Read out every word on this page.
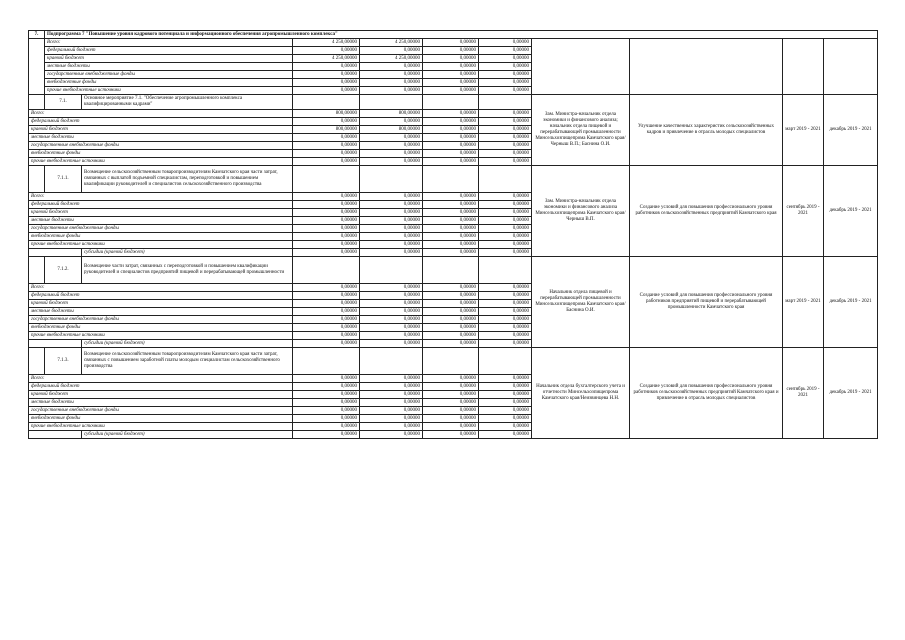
7.	Подпрограмма 7 "Повышение уровня кадрового потенциала и информационного обеспечения агропромышленного комплекса"									
	Всего:		4 250,00000	4 250,00000	0,00000	0,00000				
	федеральный бюджет		0,00000	0,00000	0,00000	0,00000				
	краевой бюджет		4 250,00000	4 250,00000	0,00000	0,00000				
	местные бюджеты		0,00000	0,00000	0,00000	0,00000				
	государственные внебюджетные фонды		0,00000	0,00000	0,00000	0,00000				
	внебюджетные фонды		0,00000	0,00000	0,00000	0,00000				
	прочие внебюджетные источники		0,00000	0,00000	0,00000	0,00000				
	7.1.	Основное мероприятие 7.1. "Обеспечение агропромышленного комплекса квалифицированными кадрами"					Зам. Министра-начальник отдела экономики и финансового анализа; начальник отдела пищевой и перерабатывающей промышленности Минсельхозпищепрома Камчатского края/ Черныш В.П.; Баснина О.И.	Улучшение качественных характеристик сельскохозяйственных кадров и привлечение в отрасль молодых специалистов	март 2019 - 2021	декабрь 2019 - 2021
Всего:			800,00000	800,00000	0,00000	0,00000				
федеральный бюджет			0,00000	0,00000	0,00000	0,00000				
краевой бюджет			800,00000	800,00000	0,00000	0,00000				
местные бюджеты			0,00000	0,00000	0,00000	0,00000				
государственные внебюджетные фонды			0,00000	0,00000	0,00000	0,00000				
внебюджетные фонды			0,00000	0,00000	0,00000	0,00000				
прочие внебюджетные источники			0,00000	0,00000	0,00000	0,00000				
	7.1.1.	Возмещение сельскохозяйственным товаропроизводителям Камчатского края части затрат, связанных с выплатой подъемной специалистам, переподготовкой и повышением квалификации руководителей и специалистов сельскохозяйственного производства					Зам. Министра-начальник отдела экономики и финансового анализа Минсельхозпищепрома Камчатского края/Черныш В.П.	Создание условий для повышения профессионального уровня работников сельскохозяйственных предприятий Камчатского края	сентябрь 2019 - 2021	декабрь 2019 - 2021
Всего:			0,00000	0,00000	0,00000	0,00000				
федеральный бюджет			0,00000	0,00000	0,00000	0,00000				
краевой бюджет			0,00000	0,00000	0,00000	0,00000				
местные бюджеты			0,00000	0,00000	0,00000	0,00000				
государственные внебюджетные фонды			0,00000	0,00000	0,00000	0,00000				
внебюджетные фонды			0,00000	0,00000	0,00000	0,00000				
прочие внебюджетные источники			0,00000	0,00000	0,00000	0,00000				
		субсидии (краевой бюджет)	0,00000	0,00000	0,00000	0,00000				
	7.1.2.	Возмещение части затрат, связанных с переподготовкой и повышением квалификации руководителей и специалистов предприятий пищевой и перерабатывающей промышленности					Начальник отдела пищевой и перерабатывающей промышленности Минсельхозпищепрома Камчатского края/ Баснина О.И.	Создание условий для повышения профессионального уровня работников предприятий пищевой и перерабатывающей промышленности Камчатского края	март 2019 - 2021	декабрь 2019 - 2021
Всего:			0,00000	0,00000	0,00000	0,00000				
федеральный бюджет			0,00000	0,00000	0,00000	0,00000				
краевой бюджет			0,00000	0,00000	0,00000	0,00000				
местные бюджеты			0,00000	0,00000	0,00000	0,00000				
государственные внебюджетные фонды			0,00000	0,00000	0,00000	0,00000				
внебюджетные фонды			0,00000	0,00000	0,00000	0,00000				
прочие внебюджетные источники			0,00000	0,00000	0,00000	0,00000				
		субсидии (краевой бюджет)	0,00000	0,00000	0,00000	0,00000				
	7.1.3.	Возмещение сельскохозяйственным товаропроизводителям Камчатского края части затрат, связанных с повышением заработной платы молодым специалистам сельскохозяйственного производства					Начальник отдела бухгалтерского учета и отчетности Минсельхозпищепрома Камчатского края/Неизвинцева Н.Н.	Создание условий для повышения профессионального уровня работников сельскохозяйственных предприятий Камчатского края и привлечение в отрасль молодых специалистов	сентябрь 2019 - 2021	декабрь 2019 - 2021
Всего:			0,00000	0,00000	0,00000	0,00000				
федеральный бюджет			0,00000	0,00000	0,00000	0,00000				
краевой бюджет			0,00000	0,00000	0,00000	0,00000				
местные бюджеты			0,00000	0,00000	0,00000	0,00000				
государственные внебюджетные фонды			0,00000	0,00000	0,00000	0,00000				
внебюджетные фонды			0,00000	0,00000	0,00000	0,00000				
прочие внебюджетные источники			0,00000	0,00000	0,00000	0,00000				
		субсидии (краевой бюджет)	0,00000	0,00000	0,00000	0,00000				
